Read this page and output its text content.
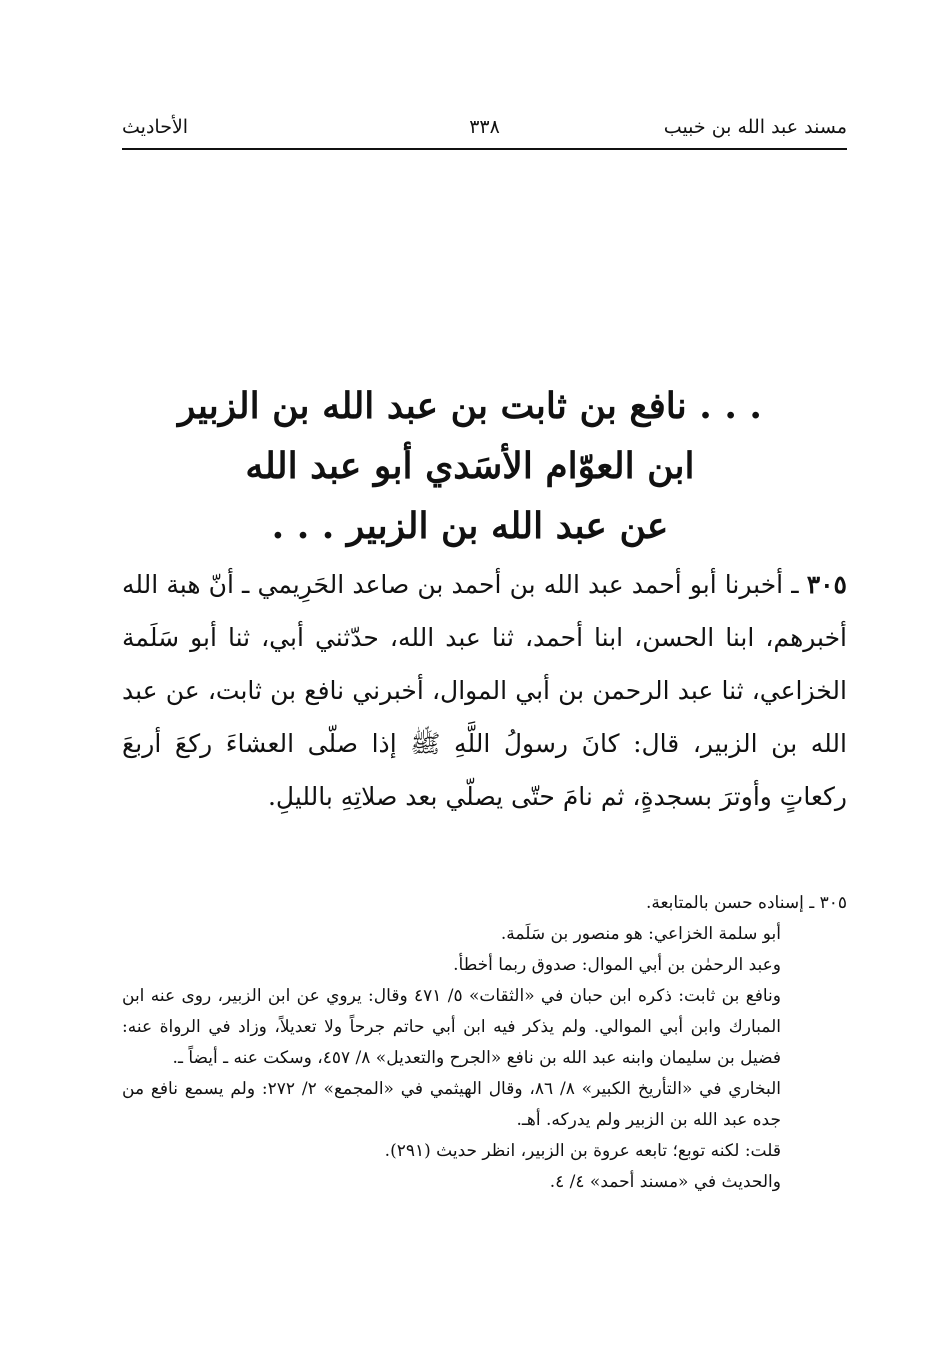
مسند عبد الله بن خبيب
٣٣٨
الأحاديث
. . . نافع بن ثابت بن عبد الله بن الزبير
ابن العوّام الأسَدي أبو عبد الله
عن عبد الله بن الزبير . . .
٣٠٥ ـ أخبرنا أبو أحمد عبد الله بن أحمد بن صاعد الحَرِيمي ـ أنّ هبة الله أخبرهم، ابنا الحسن، ابنا أحمد، ثنا عبد الله، حدّثني أبي، ثنا أبو سَلَمة الخزاعي، ثنا عبد الرحمن بن أبي الموال، أخبرني نافع بن ثابت، عن عبد الله بن الزبير، قال: كانَ رسولُ اللَّهِ ﷺ إذا صلّى العشاءَ ركعَ أربعَ ركعاتٍ وأوترَ بسجدةٍ، ثم نامَ حتّى يصلّي بعد صلاتِهِ بالليلِ.

٣٠٥ ـ إسناده حسن بالمتابعة.

أبو سلمة الخزاعي: هو منصور بن سَلَمة.

وعبد الرحمٰن بن أبي الموال: صدوق ربما أخطأ.

ونافع بن ثابت: ذكره ابن حبان في «الثقات» ٥/ ٤٧١ وقال: يروي عن ابن الزبير، روى عنه ابن المبارك وابن أبي الموالي. ولم يذكر فيه ابن أبي حاتم جرحاً ولا تعديلاً، وزاد في الرواة عنه: فضيل بن سليمان وابنه عبد الله بن نافع «الجرح والتعديل» ٨/ ٤٥٧، وسكت عنه ـ أيضاً ـ.

البخاري في «التأريخ الكبير» ٨/ ٨٦، وقال الهيثمي في «المجمع» ٢/ ٢٧٢: ولم يسمع نافع من جده عبد الله بن الزبير ولم يدركه. أهـ.

قلت: لكنه توبع؛ تابعه عروة بن الزبير، انظر حديث (٢٩١).

والحديث في «مسند أحمد» ٤/ ٤.
